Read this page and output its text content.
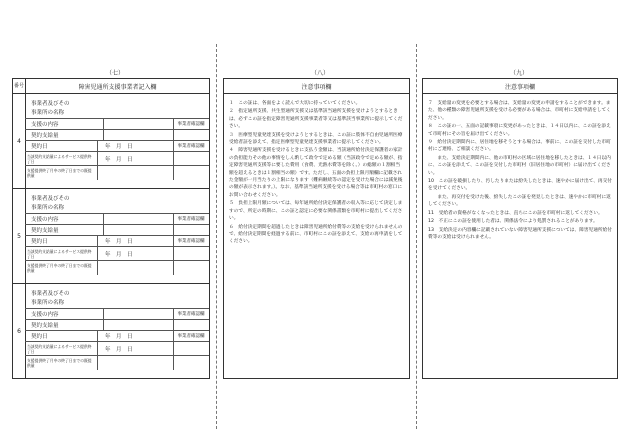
（七）	（八）	（九）
番号	障害児通所支援事業者記入欄
4
事業者及びその
事業所の名称
支援の内容	事業者確認欄
契約支給量
契約日	年　月　日	事業者確認欄
当該契約支給量によるサービス提供終了日	年　月　日
支援提供終了月中の終了日までの既提供量
5
事業者及びその
事業所の名称
支援の内容	事業者確認欄
契約支給量
契約日	年　月　日	事業者確認欄
当該契約支給量によるサービス提供終了日	年　月　日
支援提供終了月中の終了日までの既提供量
6
事業者及びその
事業所の名称
支援の内容	事業者確認欄
契約支給量
契約日	年　月　日	事業者確認欄
当該契約支給量によるサービス提供終了日	年　月　日
支援提供終了月中の終了日までの既提供量
注意事項欄
１　この証は、各面をよく読んで大切に持っていてください。
２　指定通所支援、共生型通所支援又は基準該当通所支援を受けようとするときは、必ずこの証を指定障害児通所支援事業者等又は基準該当事業所に提示してください。
３　医療型児童発達支援を受けようとするときは、この証に肢体不自由児通所医療受給者証を添えて、指定医療型児童発達支援事業者に提示してください。
４　障害児通所支援を受けるときに支払う金額は、当該通所給付決定保護者の家計の負担能力その他の事情をしん酌して政令で定める額（当該政令で定める額が、指定障害児通所支援等に要した費用（食費、光熱水費等を除く。）の総額の１割相当額を超えるときは１割相当の額）です。ただし、五面の負担上限月額欄に記載された金額が一月当たりの上限になります（難病継続等の認定を受けた場合には減免後の額が表示されます。）。なお、基準該当通所支援を受ける場合等は市町村の窓口にお問い合わせください。
５　負担上限月額については、毎年通所給付決定保護者の収入等に応じて決定しますので、所定の時期に、この証と認定に必要な関係書類を市町村に提出してください。
６　給付決定期間を超過したときは障害児通所給付費等の支給を受けられませんので、給付決定期間を経過する前に、市町村にこの証を添えて、支給の再申請をしてください。
注意事項欄
７　支給量の変更を必要とする場合は、支給量の変更の申請をすることができます。また、他の種類の障害児通所支援を受ける必要がある場合は、市町村に支給申請をしてください。
８　この証の一、五面の記載事項に変更があったときは、１４日以内に、この証を添えて市町村にその旨を届け出てください。
９　給付決定期間内に、居住地を移そうとする場合は、事前に、この証を交付した市町村にご連絡、ご相談ください。
　　また、支給決定期間内に、他の市町村の区域に居住地を移したときは、１４日以内に、この証を添えて、この証を交付した市町村（旧居住地の市町村）に届け出てください。
10　この証を破損したり、汚したりまたは紛失したときは、速やかに届け出て、再交付を受けてください。
　　また、再交付を受けた後、紛失したこの証を発見したときは、速やかに市町村に返してください。
11　受給者の資格がなくなったときは、直ちにこの証を市町村に返してください。
12　不正にこの証を使用した者は、関係法令により処罰されることがあります。
13　支給決定の内容欄に記載されていない障害児通所支援については、障害児通所給付費等の支給は受けられません。
